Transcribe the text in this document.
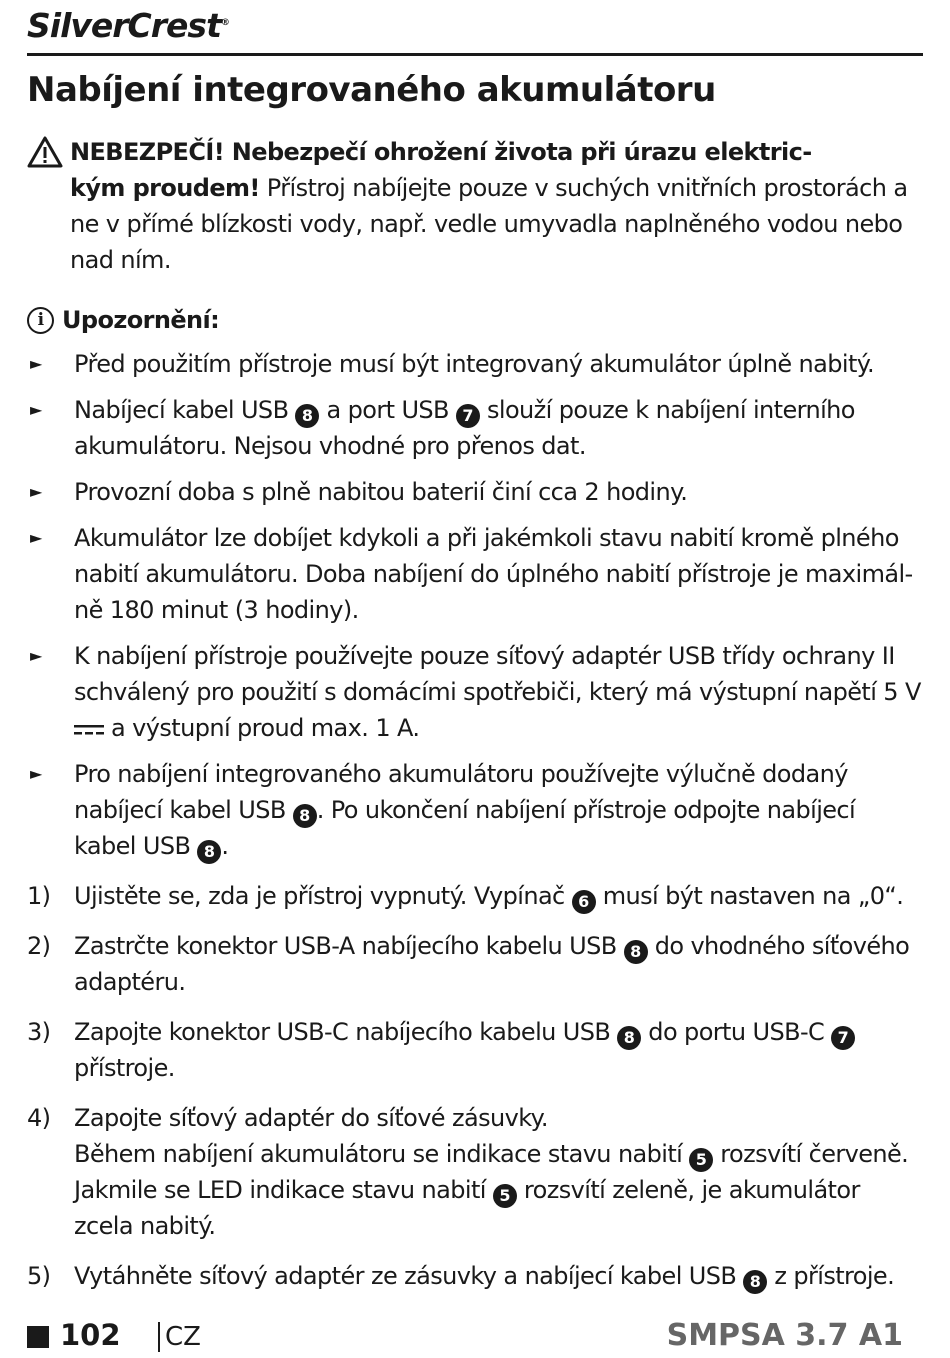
SilverCrest®
Nabíjení integrovaného akumulátoru
NEBEZPEČÍ! Nebezpečí ohrožení života při úrazu elektric-
kým proudem! Přístroj nabíjejte pouze v suchých vnitřních prostorách a ne v přímé blízkosti vody, např. vedle umyvadla naplněného vodou nebo nad ním.
i Upozornění:
► Před použitím přístroje musí být integrovaný akumulátor úplně nabitý.
► Nabíjecí kabel USB 8 a port USB 7 slouží pouze k nabíjení interního akumulátoru. Nejsou vhodné pro přenos dat.
► Provozní doba s plně nabitou baterií činí cca 2 hodiny.
► Akumulátor lze dobíjet kdykoli a při jakémkoli stavu nabití kromě plného nabití akumulátoru. Doba nabíjení do úplného nabití přístroje je maximál-ně 180 minut (3 hodiny).
► K nabíjení přístroje používejte pouze síťový adaptér USB třídy ochrany II schválený pro použití s domácími spotřebiči, který má výstupní napětí 5 V
a výstupní proud max. 1 A.
► Pro nabíjení integrovaného akumulátoru používejte výlučně dodaný nabíjecí kabel USB 8 . Po ukončení nabíjení přístroje odpojte nabíjecí kabel USB 8 .
1) Ujistěte se, zda je přístroj vypnutý. Vypínač 6 musí být nastaven na „0“.
2) Zastrčte konektor USB-A nabíjecího kabelu USB 8 do vhodného síťového adaptéru.
3) Zapojte konektor USB-C nabíjecího kabelu USB 8 do portu USB-C 7 přístroje.
4) Zapojte síťový adaptér do síťové zásuvky.
Během nabíjení akumulátoru se indikace stavu nabití 5 rozsvítí červeně.
Jakmile se LED indikace stavu nabití 5 rozsvítí zeleně, je akumulátor zcela nabitý.
5) Vytáhněte síťový adaptér ze zásuvky a nabíjecí kabel USB 8 z přístroje.
102 CZ	SMPSA 3.7 A1
